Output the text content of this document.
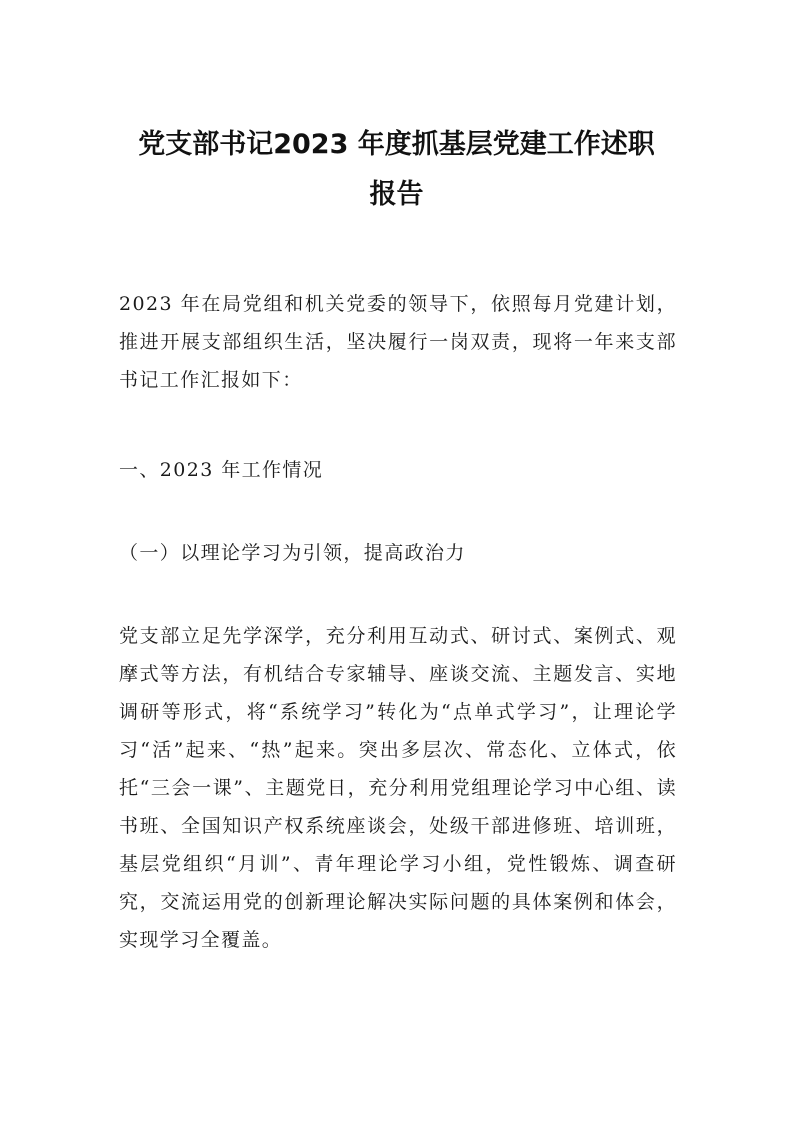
党支部书记2023 年度抓基层党建工作述职
报告

2023 年在局党组和机关党委的领导下，依照每月党建计划，推进开展支部组织生活，坚决履行一岗双责，现将一年来支部书记工作汇报如下：

一、2023 年工作情况

（一）以理论学习为引领，提高政治力

党支部立足先学深学，充分利用互动式、研讨式、案例式、观摩式等方法，有机结合专家辅导、座谈交流、主题发言、实地调研等形式，将“系统学习”转化为“点单式学习”，让理论学习“活”起来、“热”起来。突出多层次、常态化、立体式，依托“三会一课”、主题党日，充分利用党组理论学习中心组、读书班、全国知识产权系统座谈会，处级干部进修班、培训班，基层党组织“月训”、青年理论学习小组，党性锻炼、调查研究，交流运用党的创新理论解决实际问题的具体案例和体会，实现学习全覆盖。
